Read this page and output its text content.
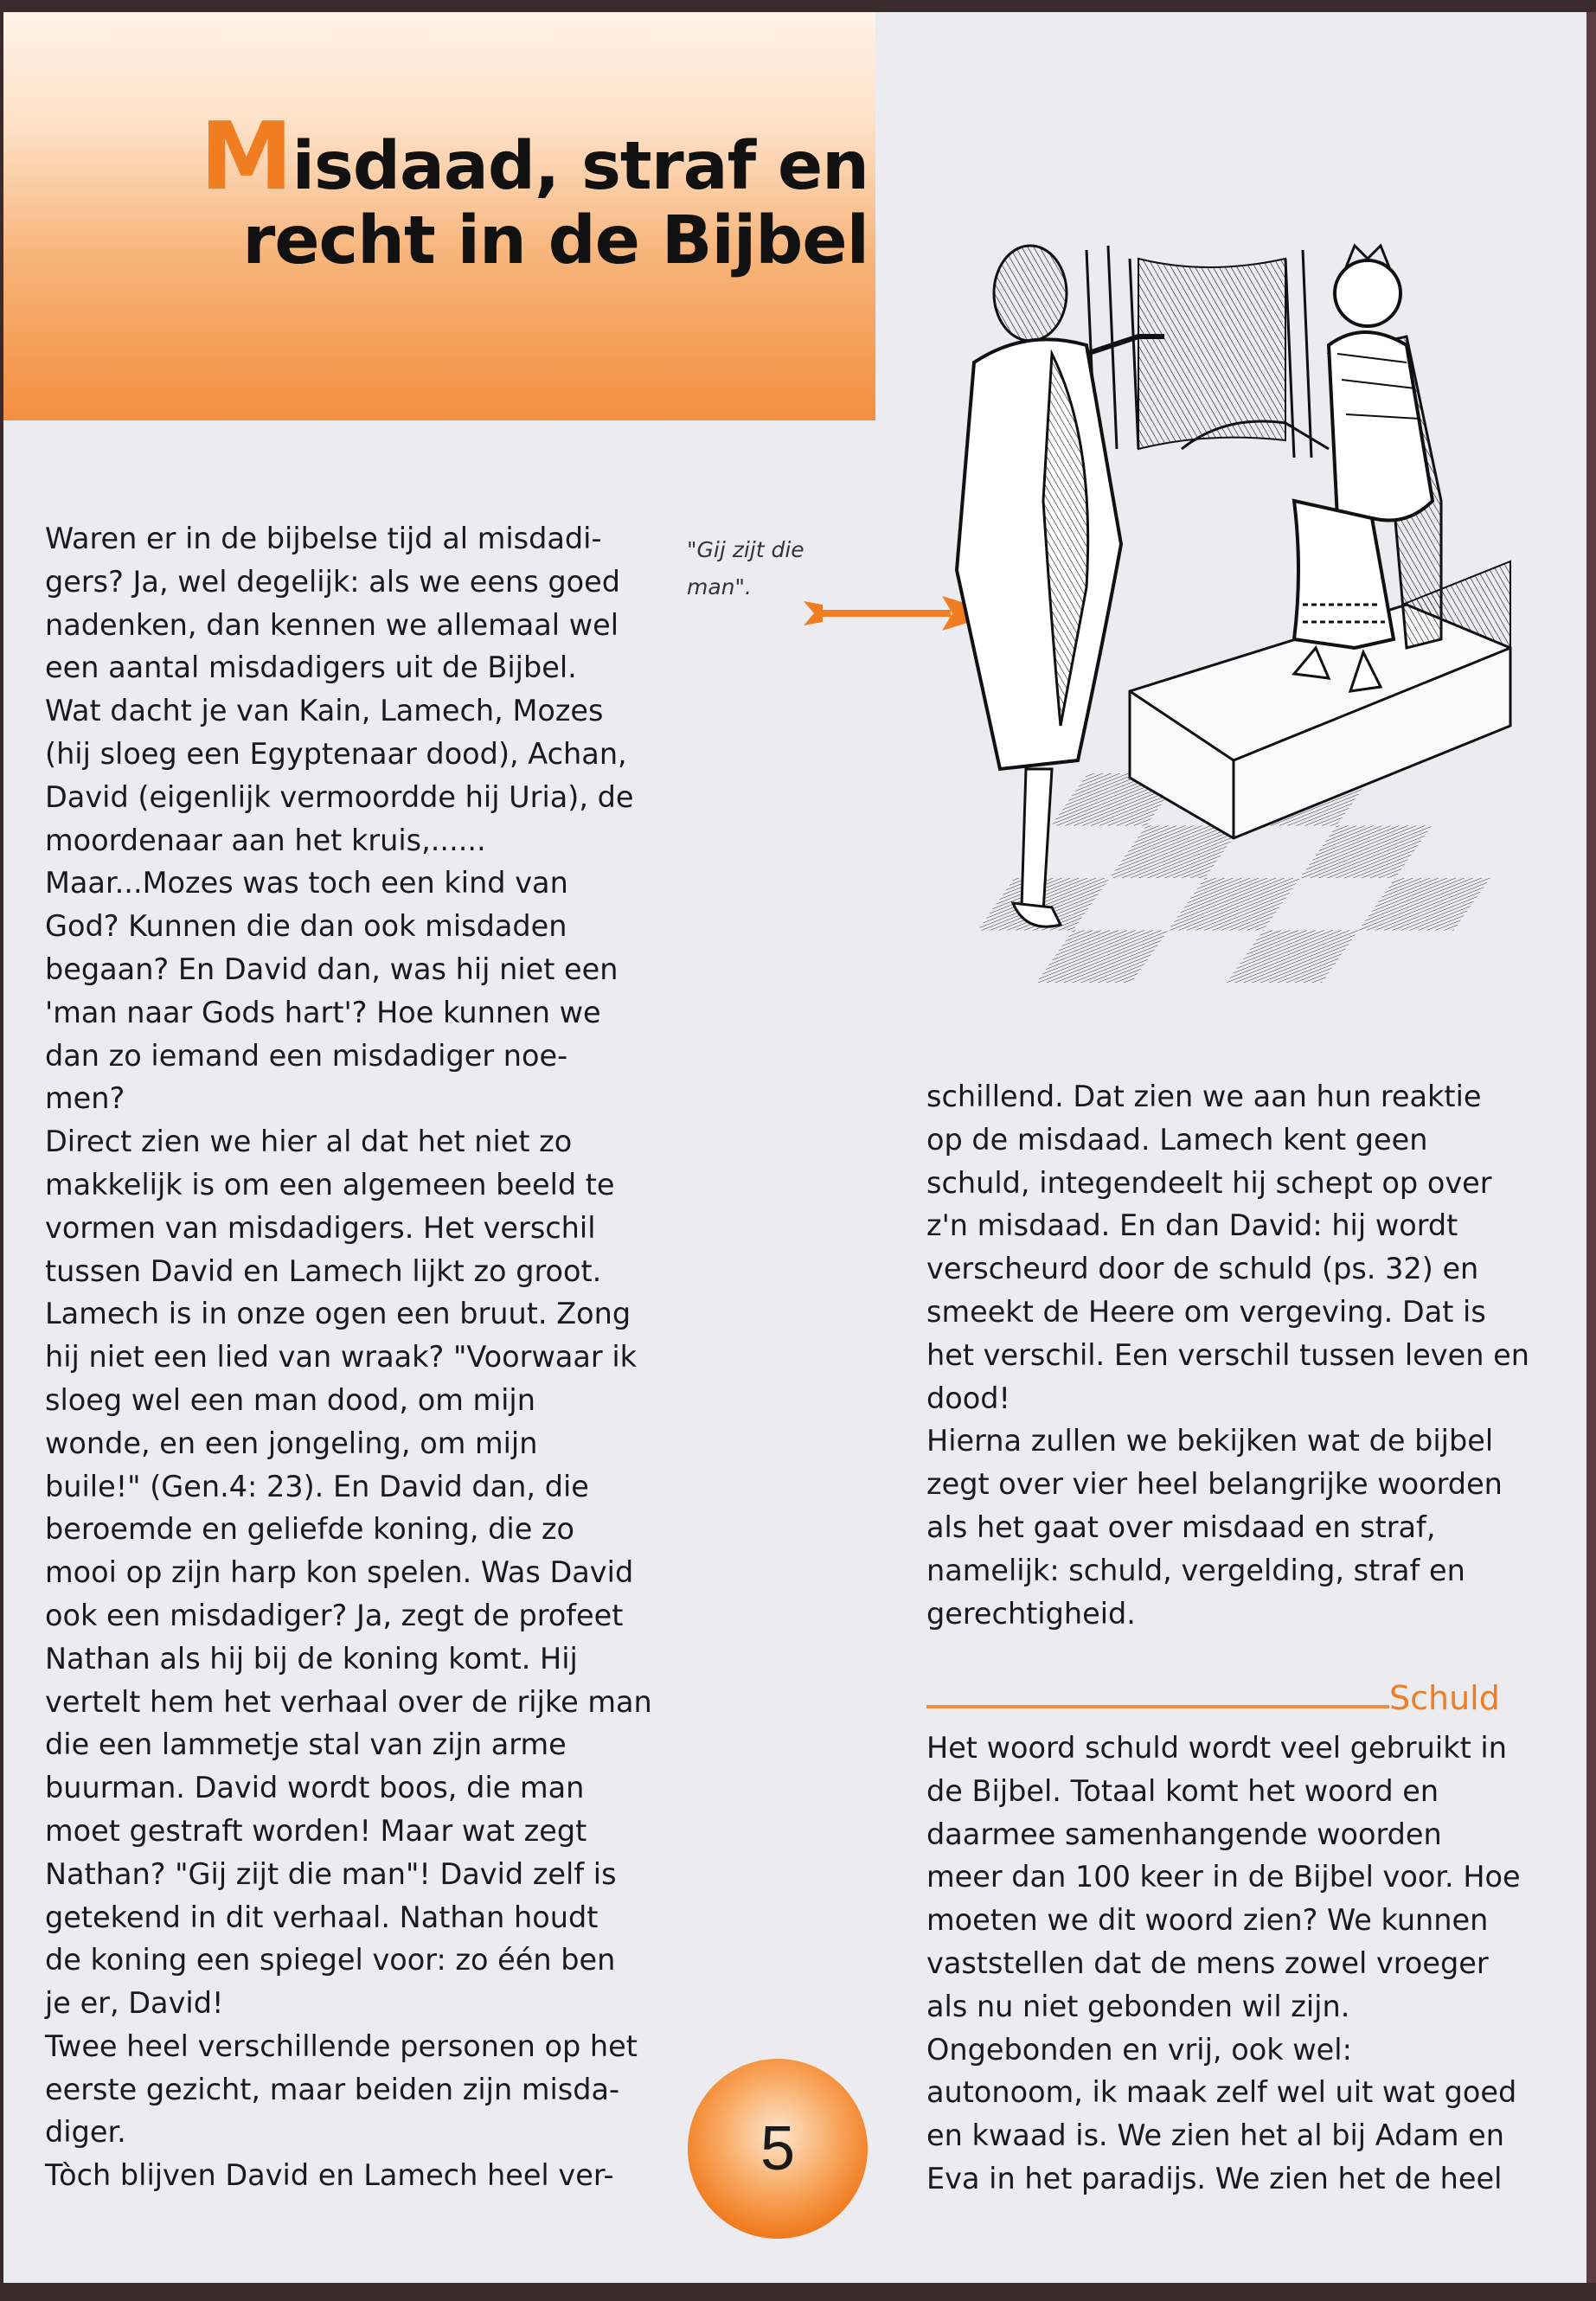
Misdaad, straf en
recht in de Bijbel

Waren er in de bijbelse tijd al misdadi-

gers? Ja, wel degelijk: als we eens goed

nadenken, dan kennen we allemaal wel

een aantal misdadigers uit de Bijbel.

Wat dacht je van Kain, Lamech, Mozes

(hij sloeg een Egyptenaar dood), Achan,

David (eigenlijk vermoordde hij Uria), de

moordenaar aan het kruis,......

Maar...Mozes was toch een kind van

God? Kunnen die dan ook misdaden

begaan? En David dan, was hij niet een

'man naar Gods hart'? Hoe kunnen we

dan zo iemand een misdadiger noe-

men?

Direct zien we hier al dat het niet zo

makkelijk is om een algemeen beeld te

vormen van misdadigers. Het verschil

tussen David en Lamech lijkt zo groot.

Lamech is in onze ogen een bruut. Zong

hij niet een lied van wraak? "Voorwaar ik

sloeg wel een man dood, om mijn

wonde, en een jongeling, om mijn

buile!" (Gen.4: 23). En David dan, die

beroemde en geliefde koning, die zo

mooi op zijn harp kon spelen. Was David

ook een misdadiger? Ja, zegt de profeet

Nathan als hij bij de koning komt. Hij

vertelt hem het verhaal over de rijke man

die een lammetje stal van zijn arme

buurman. David wordt boos, die man

moet gestraft worden! Maar wat zegt

Nathan? "Gij zijt die man"! David zelf is

getekend in dit verhaal. Nathan houdt

de koning een spiegel voor: zo één ben

je er, David!

Twee heel verschillende personen op het

eerste gezicht, maar beiden zijn misda-

diger.

Tòch blijven David en Lamech heel ver-

"Gij zijt die
man".

schillend. Dat zien we aan hun reaktie

op de misdaad. Lamech kent geen

schuld, integendeelt hij schept op over

z'n misdaad. En dan David: hij wordt

verscheurd door de schuld (ps. 32) en

smeekt de Heere om vergeving. Dat is

het verschil. Een verschil tussen leven en

dood!

Hierna zullen we bekijken wat de bijbel

zegt over vier heel belangrijke woorden

als het gaat over misdaad en straf,

namelijk: schuld, vergelding, straf en

gerechtigheid.

Schuld

Het woord schuld wordt veel gebruikt in

de Bijbel. Totaal komt het woord en

daarmee samenhangende woorden

meer dan 100 keer in de Bijbel voor. Hoe

moeten we dit woord zien? We kunnen

vaststellen dat de mens zowel vroeger

als nu niet gebonden wil zijn.

Ongebonden en vrij, ook wel:

autonoom, ik maak zelf wel uit wat goed

en kwaad is. We zien het al bij Adam en

Eva in het paradijs. We zien het de heel

5
